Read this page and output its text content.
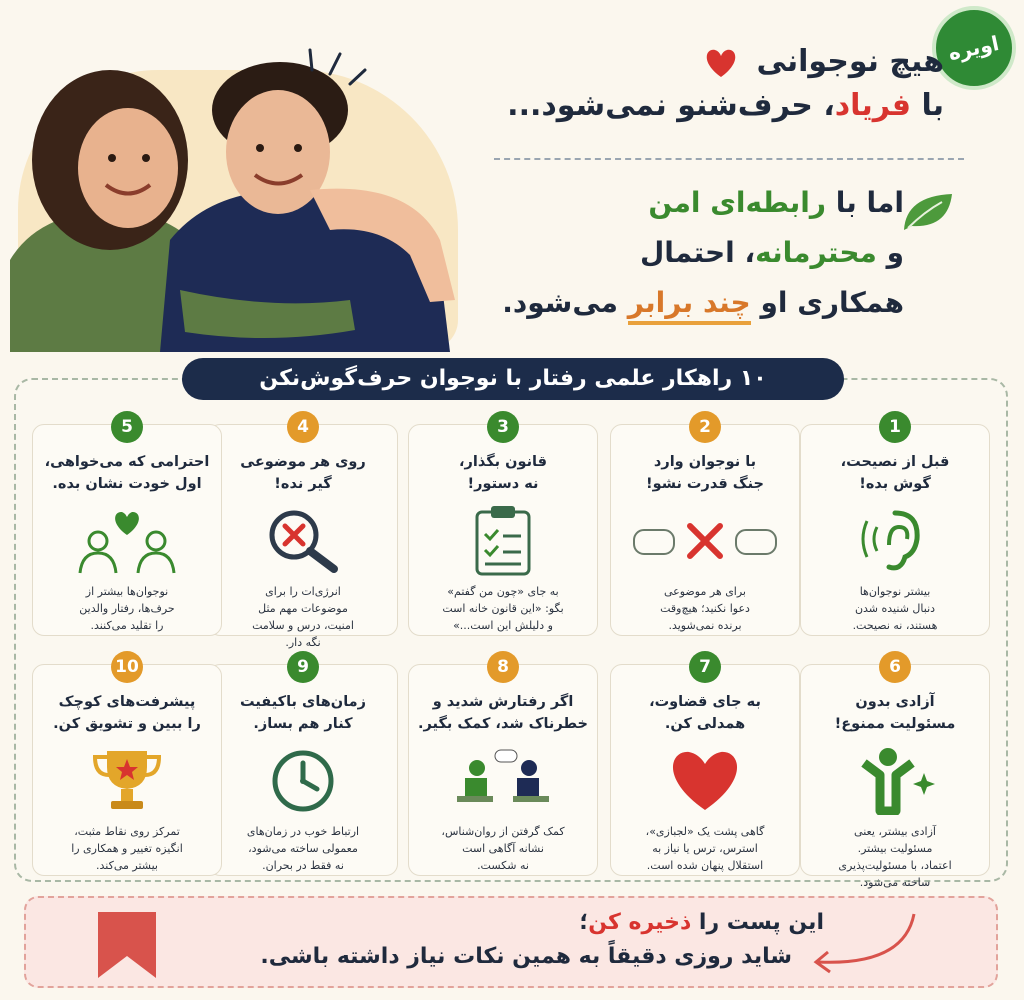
اویره
هیچ نوجوانی
با فریاد، حرف‌شنو نمی‌شود...
اما با رابطه‌ای امن
و محترمانه، احتمال
همکاری او چند برابر می‌شود.
۱۰ راهکار علمی رفتار با نوجوان حرف‌گوش‌نکن
1
قبل از نصیحت،
گوش بده!
بیشتر نوجوان‌ها
دنبال شنیده شدن
هستند، نه نصیحت.
2
با نوجوان وارد
جنگ قدرت نشو!
برای هر موضوعی
دعوا نکنید؛ هیچ‌وقت
برنده نمی‌شوید.
3
قانون بگذار،
نه دستور!
به جای «چون من گفتم»
بگو: «این قانون خانه است
و دلیلش این است...»
4
روی هر موضوعی
گیر نده!
انرژی‌ات را برای
موضوعات مهم مثل
امنیت، درس و سلامت
نگه دار.
5
احترامی که می‌خواهی،
اول خودت نشان بده.
نوجوان‌ها بیشتر از
حرف‌ها، رفتار والدین
را تقلید می‌کنند.
6
آزادی بدون
مسئولیت ممنوع!
آزادی بیشتر، یعنی
مسئولیت بیشتر.
اعتماد، با مسئولیت‌پذیری
ساخته می‌شود.
7
به جای قضاوت،
همدلی کن.
گاهی پشت یک «لجبازی»،
استرس، ترس یا نیاز به
استقلال پنهان شده است.
8
اگر رفتارش شدید و
خطرناک شد، کمک بگیر.
کمک گرفتن از روان‌شناس،
نشانه آگاهی است
نه شکست.
9
زمان‌های باکیفیت
کنار هم بساز.
ارتباط خوب در زمان‌های
معمولی ساخته می‌شود،
نه فقط در بحران.
10
پیشرفت‌های کوچک
را ببین و تشویق کن.
تمرکز روی نقاط مثبت،
انگیزه تغییر و همکاری را
بیشتر می‌کند.
این پست را ذخیره کن؛
شاید روزی دقیقاً به همین نکات نیاز داشته باشی.
